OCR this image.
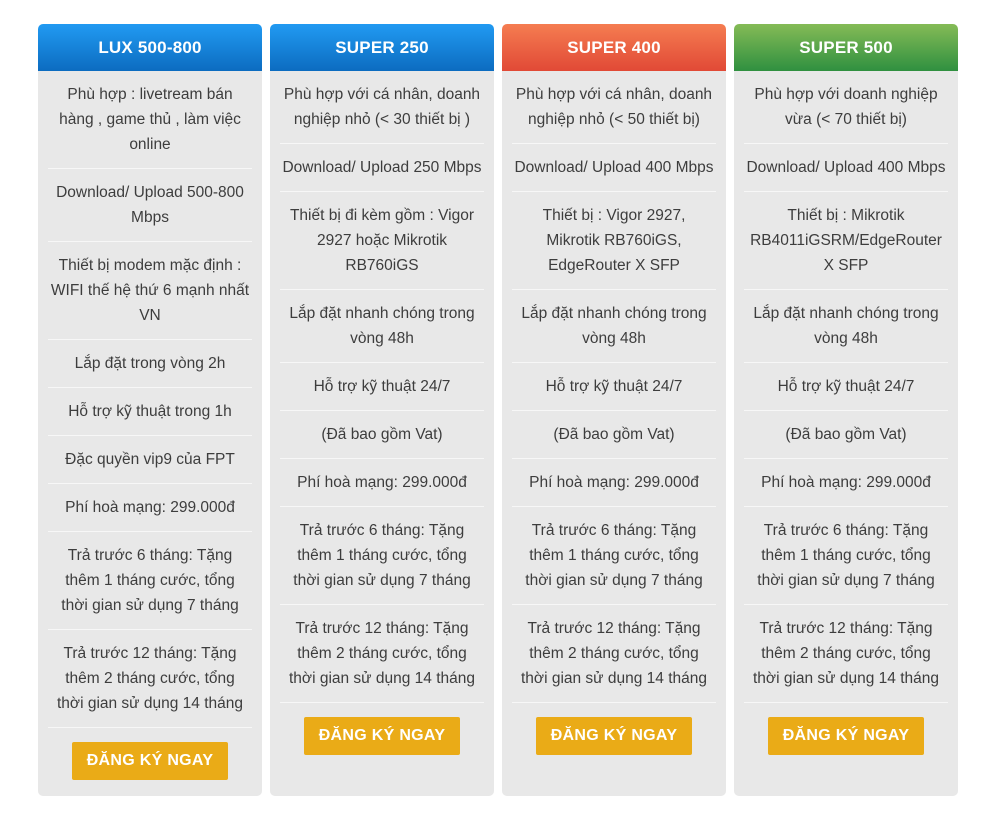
LUX 500-800
Phù hợp : livetream bán hàng , game thủ , làm việc online
Download/ Upload 500-800 Mbps
Thiết bị modem mặc định : WIFI thế hệ thứ 6 mạnh nhất VN
Lắp đặt trong vòng 2h
Hỗ trợ kỹ thuật trong 1h
Đặc quyền vip9 của FPT
Phí hoà mạng: 299.000đ
Trả trước 6 tháng: Tặng thêm 1 tháng cước, tổng thời gian sử dụng 7 tháng
Trả trước 12 tháng: Tặng thêm 2 tháng cước, tổng thời gian sử dụng 14 tháng
ĐĂNG KÝ NGAY
SUPER 250
Phù hợp với cá nhân, doanh nghiệp nhỏ (< 30 thiết bị )
Download/ Upload 250 Mbps
Thiết bị đi kèm gồm : Vigor 2927 hoặc Mikrotik RB760iGS
Lắp đặt nhanh chóng trong vòng 48h
Hỗ trợ kỹ thuật 24/7
(Đã bao gồm Vat)
Phí hoà mạng: 299.000đ
Trả trước 6 tháng: Tặng thêm 1 tháng cước, tổng thời gian sử dụng 7 tháng
Trả trước 12 tháng: Tặng thêm 2 tháng cước, tổng thời gian sử dụng 14 tháng
ĐĂNG KÝ NGAY
SUPER 400
Phù hợp với cá nhân, doanh nghiệp nhỏ (< 50 thiết bị)
Download/ Upload 400 Mbps
Thiết bị : Vigor 2927, Mikrotik RB760iGS, EdgeRouter X SFP
Lắp đặt nhanh chóng trong vòng 48h
Hỗ trợ kỹ thuật 24/7
(Đã bao gồm Vat)
Phí hoà mạng: 299.000đ
Trả trước 6 tháng: Tặng thêm 1 tháng cước, tổng thời gian sử dụng 7 tháng
Trả trước 12 tháng: Tặng thêm 2 tháng cước, tổng thời gian sử dụng 14 tháng
ĐĂNG KÝ NGAY
SUPER 500
Phù hợp với doanh nghiệp vừa (< 70 thiết bị)
Download/ Upload 400 Mbps
Thiết bị : Mikrotik RB4011iGSRM/EdgeRouter X SFP
Lắp đặt nhanh chóng trong vòng 48h
Hỗ trợ kỹ thuật 24/7
(Đã bao gồm Vat)
Phí hoà mạng: 299.000đ
Trả trước 6 tháng: Tặng thêm 1 tháng cước, tổng thời gian sử dụng 7 tháng
Trả trước 12 tháng: Tặng thêm 2 tháng cước, tổng thời gian sử dụng 14 tháng
ĐĂNG KÝ NGAY
